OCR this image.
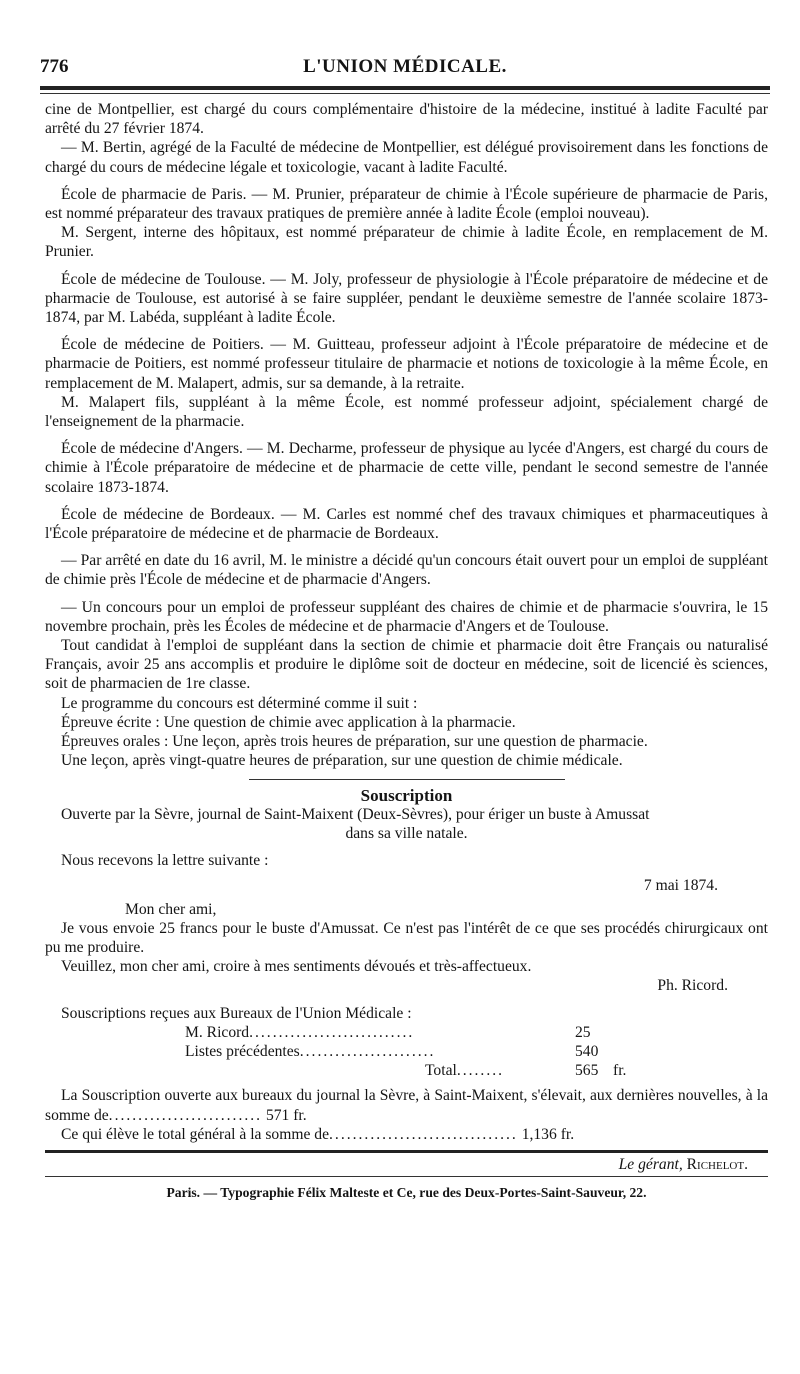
776	L'UNION MÉDICALE.

cine de Montpellier, est chargé du cours complémentaire d'histoire de la médecine, institué à ladite Faculté par arrêté du 27 février 1874.

— M. Bertin, agrégé de la Faculté de médecine de Montpellier, est délégué provisoirement dans les fonctions de chargé du cours de médecine légale et toxicologie, vacant à ladite Faculté.

École de pharmacie de Paris. — M. Prunier, préparateur de chimie à l'École supérieure de pharmacie de Paris, est nommé préparateur des travaux pratiques de première année à ladite École (emploi nouveau).

M. Sergent, interne des hôpitaux, est nommé préparateur de chimie à ladite École, en remplacement de M. Prunier.

École de médecine de Toulouse. — M. Joly, professeur de physiologie à l'École préparatoire de médecine et de pharmacie de Toulouse, est autorisé à se faire suppléer, pendant le deuxième semestre de l'année scolaire 1873-1874, par M. Labéda, suppléant à ladite École.

École de médecine de Poitiers. — M. Guitteau, professeur adjoint à l'École préparatoire de médecine et de pharmacie de Poitiers, est nommé professeur titulaire de pharmacie et notions de toxicologie à la même École, en remplacement de M. Malapert, admis, sur sa demande, à la retraite.

M. Malapert fils, suppléant à la même École, est nommé professeur adjoint, spécialement chargé de l'enseignement de la pharmacie.

École de médecine d'Angers. — M. Decharme, professeur de physique au lycée d'Angers, est chargé du cours de chimie à l'École préparatoire de médecine et de pharmacie de cette ville, pendant le second semestre de l'année scolaire 1873-1874.

École de médecine de Bordeaux. — M. Carles est nommé chef des travaux chimiques et pharmaceutiques à l'École préparatoire de médecine et de pharmacie de Bordeaux.

— Par arrêté en date du 16 avril, M. le ministre a décidé qu'un concours était ouvert pour un emploi de suppléant de chimie près l'École de médecine et de pharmacie d'Angers.

— Un concours pour un emploi de professeur suppléant des chaires de chimie et de pharmacie s'ouvrira, le 15 novembre prochain, près les Écoles de médecine et de pharmacie d'Angers et de Toulouse.

Tout candidat à l'emploi de suppléant dans la section de chimie et pharmacie doit être Français ou naturalisé Français, avoir 25 ans accomplis et produire le diplôme soit de docteur en médecine, soit de licencié ès sciences, soit de pharmacien de 1re classe.

Le programme du concours est déterminé comme il suit :

Épreuve écrite : Une question de chimie avec application à la pharmacie.

Épreuves orales : Une leçon, après trois heures de préparation, sur une question de pharmacie.

Une leçon, après vingt-quatre heures de préparation, sur une question de chimie médicale.

Souscription

Ouverte par la Sèvre, journal de Saint-Maixent (Deux-Sèvres), pour ériger un buste à Amussat

dans sa ville natale.

Nous recevons la lettre suivante :

7 mai 1874.

Mon cher ami,

Je vous envoie 25 francs pour le buste d'Amussat. Ce n'est pas l'intérêt de ce que ses procédés chirurgicaux ont pu me produire.

Veuillez, mon cher ami, croire à mes sentiments dévoués et très-affectueux.

Ph. Ricord.

Souscriptions reçues aux Bureaux de l'Union Médicale :

M. Ricord............................	25
Listes précédentes.......................	540
Total........	565 fr.

La Souscription ouverte aux bureaux du journal la Sèvre, à Saint-Maixent, s'élevait, aux dernières nouvelles, à la somme de.......................... 571 fr.

Ce qui élève le total général à la somme de................................ 1,136 fr.

Le gérant, Richelot.
Paris. — Typographie Félix Malteste et Ce, rue des Deux-Portes-Saint-Sauveur, 22.
